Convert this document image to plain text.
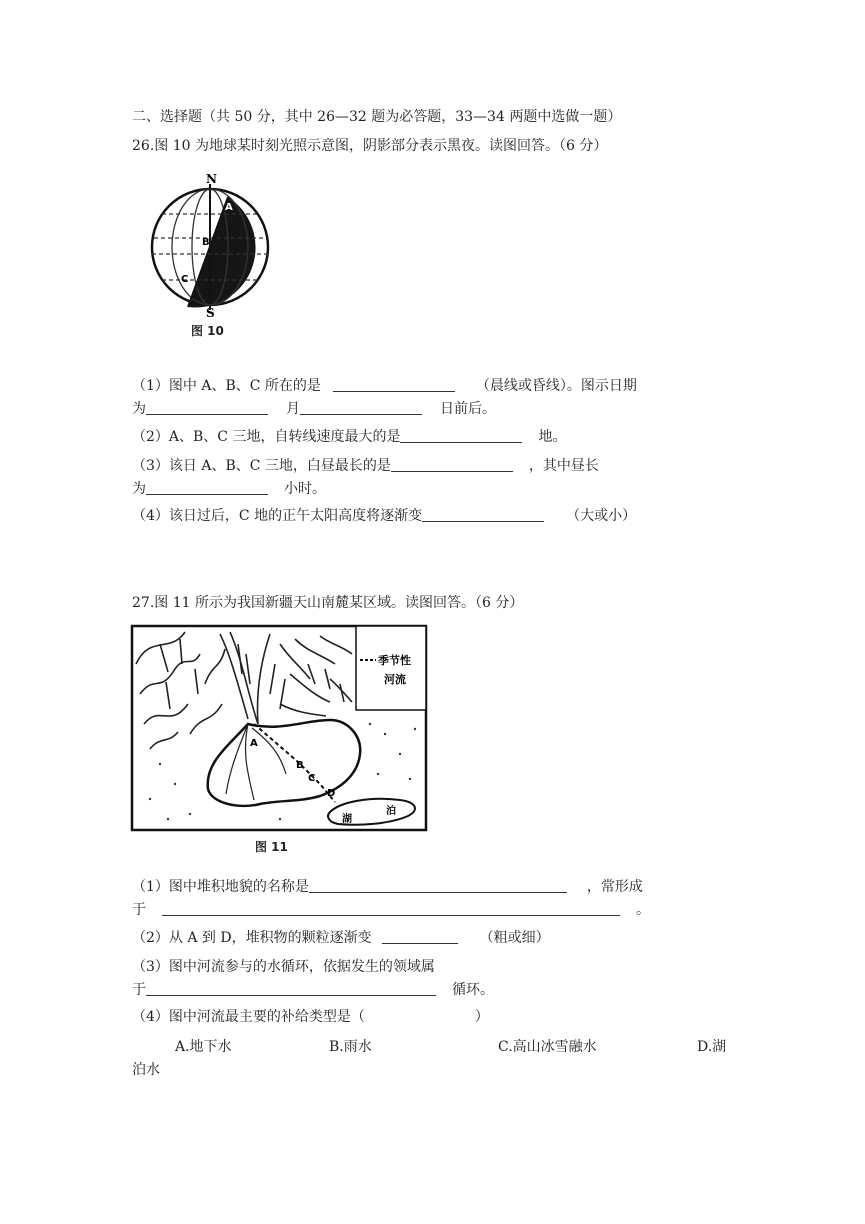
二、选择题（共 50 分，其中 26—32 题为必答题，33—34 两题中选做一题）
26.图 10 为地球某时刻光照示意图，阴影部分表示黑夜。读图回答。（6 分）
N
S
A
B
C
图 10
（1）图中 A、B、C 所在的是	（晨线或昏线）。图示日期
为	月	日前后。
（2）A、B、C 三地，自转线速度最大的是	地。
（3）该日 A、B、C 三地，白昼最长的是	，其中昼长
为	小时。
（4）该日过后，C 地的正午太阳高度将逐渐变	（大或小）
27.图 11 所示为我国新疆天山南麓某区域。读图回答。（6 分）
季节性
河流
A
B
C
D
湖
泊
图 11
（1）图中堆积地貌的名称是	，常形成
于	。
（2）从 A 到 D，堆积物的颗粒逐渐变	（粗或细）
（3）图中河流参与的水循环，依据发生的领域属
于	循环。
（4）图中河流最主要的补给类型是（	）
A.地下水	B.雨水	C.高山冰雪融水	D.湖
泊水
